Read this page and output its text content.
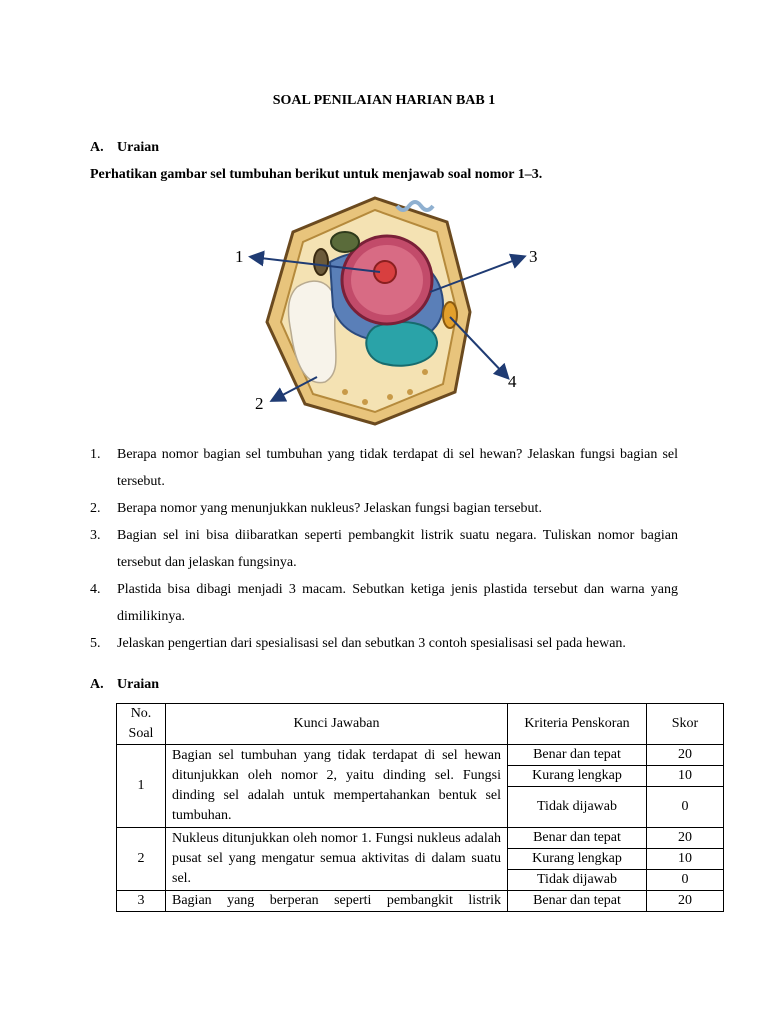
SOAL PENILAIAN HARIAN BAB 1
A. Uraian
Perhatikan gambar sel tumbuhan berikut untuk menjawab soal nomor 1–3.
1
2
3
4
1. Berapa nomor bagian sel tumbuhan yang tidak terdapat di sel hewan? Jelaskan fungsi bagian sel tersebut.
2. Berapa nomor yang menunjukkan nukleus? Jelaskan fungsi bagian tersebut.
3. Bagian sel ini bisa diibaratkan seperti pembangkit listrik suatu negara. Tuliskan nomor bagian tersebut dan jelaskan fungsinya.
4. Plastida bisa dibagi menjadi 3 macam. Sebutkan ketiga jenis plastida tersebut dan warna yang dimilikinya.
5. Jelaskan pengertian dari spesialisasi sel dan sebutkan 3 contoh spesialisasi sel pada hewan.
A. Uraian
No.
Soal	Kunci Jawaban	Kriteria Penskoran	Skor
1	Bagian sel tumbuhan yang tidak terdapat di sel hewan ditunjukkan oleh nomor 2, yaitu dinding sel. Fungsi dinding sel adalah untuk mempertahankan bentuk sel tumbuhan.	Benar dan tepat	20
		Kurang lengkap	10
		Tidak dijawab	0
2	Nukleus ditunjukkan oleh nomor 1. Fungsi nukleus adalah pusat sel yang mengatur semua aktivitas di dalam suatu sel.	Benar dan tepat	20
		Kurang lengkap	10
		Tidak dijawab	0
3	Bagian yang berperan seperti pembangkit listrik	Benar dan tepat	20
